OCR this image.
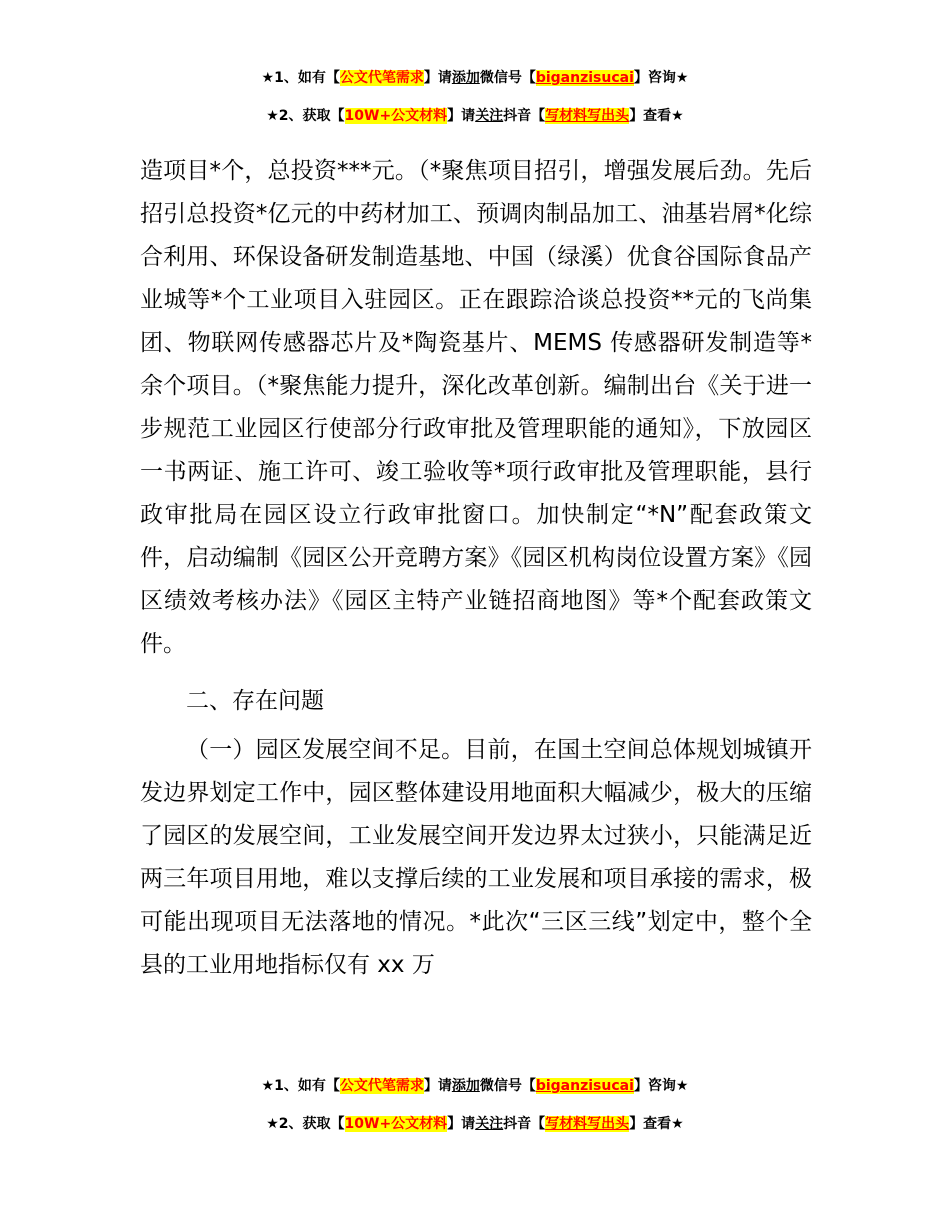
★1、如有【公文代笔需求】请添加微信号【biganzisucai】咨询★
★2、获取【10W+公文材料】请关注抖音【写材料写出头】查看★

造项目*个，总投资***元。（*聚焦项目招引，增强发展后劲。先后招引总投资*亿元的中药材加工、预调肉制品加工、油基岩屑*化综合利用、环保设备研发制造基地、中国（绿溪）优食谷国际食品产业城等*个工业项目入驻园区。正在跟踪洽谈总投资**元的飞尚集团、物联网传感器芯片及*陶瓷基片、MEMS 传感器研发制造等*余个项目。（*聚焦能力提升，深化改革创新。编制出台《关于进一步规范工业园区行使部分行政审批及管理职能的通知》，下放园区一书两证、施工许可、竣工验收等*项行政审批及管理职能，县行政审批局在园区设立行政审批窗口。加快制定“*N”配套政策文件，启动编制《园区公开竞聘方案》《园区机构岗位设置方案》《园区绩效考核办法》《园区主特产业链招商地图》等*个配套政策文件。

二、存在问题

（一）园区发展空间不足。目前，在国土空间总体规划城镇开发边界划定工作中，园区整体建设用地面积大幅减少，极大的压缩了园区的发展空间，工业发展空间开发边界太过狭小，只能满足近两三年项目用地，难以支撑后续的工业发展和项目承接的需求，极可能出现项目无法落地的情况。*此次“三区三线”划定中，整个全县的工业用地指标仅有 xx 万

★1、如有【公文代笔需求】请添加微信号【biganzisucai】咨询★
★2、获取【10W+公文材料】请关注抖音【写材料写出头】查看★
